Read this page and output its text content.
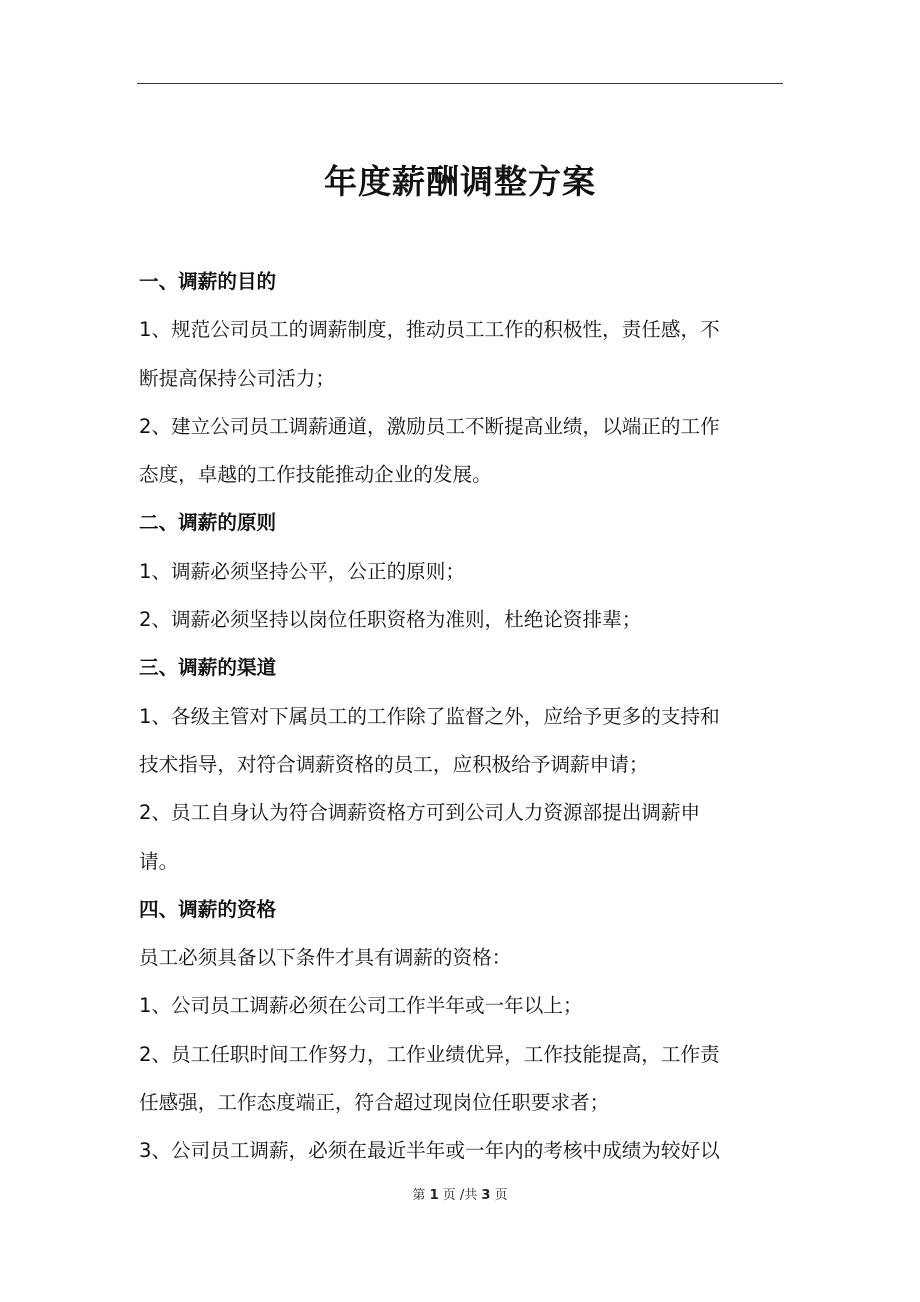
年度薪酬调整方案
一、调薪的目的
1、规范公司员工的调薪制度，推动员工工作的积极性，责任感，不
断提高保持公司活力；
2、建立公司员工调薪通道，激励员工不断提高业绩，以端正的工作
态度，卓越的工作技能推动企业的发展。
二、调薪的原则
1、调薪必须坚持公平，公正的原则；
2、调薪必须坚持以岗位任职资格为准则，杜绝论资排辈；
三、调薪的渠道
1、各级主管对下属员工的工作除了监督之外，应给予更多的支持和
技术指导，对符合调薪资格的员工，应积极给予调薪申请；
2、员工自身认为符合调薪资格方可到公司人力资源部提出调薪申
请。
四、调薪的资格
员工必须具备以下条件才具有调薪的资格：
1、公司员工调薪必须在公司工作半年或一年以上；
2、员工任职时间工作努力，工作业绩优异，工作技能提高，工作责
任感强，工作态度端正，符合超过现岗位任职要求者；
3、公司员工调薪，必须在最近半年或一年内的考核中成绩为较好以
第 1 页 /共 3 页
